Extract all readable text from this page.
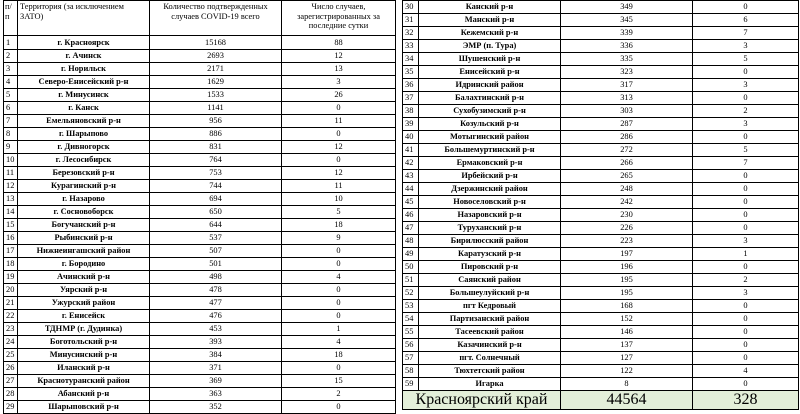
п/п	Территория (за исключением ЗАТО)	Количество подтвержденных случаев COVID-19 всего	Число случаев, зарегистрированных за последние сутки
1	г. Красноярск	15168	88
2	г. Ачинск	2693	12
3	г. Норильск	2171	13
4	Северо-Енисейский р-н	1629	3
5	г. Минусинск	1533	26
6	г. Канск	1141	0
7	Емельяновский р-н	956	11
8	г. Шарыпово	886	0
9	г. Дивногорск	831	12
10	г. Лесосибирск	764	0
11	Березовский р-н	753	12
12	Курагинский р-н	744	11
13	г. Назарово	694	10
14	г. Сосновоборск	650	5
15	Богучанский р-н	644	18
16	Рыбинский р-н	537	9
17	Нижнеингашский район	507	0
18	г. Бородино	501	0
19	Ачинский р-н	498	4
20	Уярский р-н	478	0
21	Ужурский район	477	0
22	г. Енисейск	476	0
23	ТДНМР (г. Дудинка)	453	1
24	Боготольский р-н	393	4
25	Минусинский р-н	384	18
26	Иланский р-н	371	0
27	Краснотуранский район	369	15
28	Абанский р-н	363	2
29	Шарыповский р-н	352	0
30	Канский р-н	349	0
31	Манский р-н	345	6
32	Кежемский р-н	339	7
33	ЭМР (п. Тура)	336	3
34	Шушенский р-н	335	5
35	Енисейский р-н	323	0
36	Идринский район	317	3
37	Балахтинский р-н	313	0
38	Сухобузимский р-н	303	2
39	Козульский р-н	287	3
40	Мотыгинский район	286	0
41	Большемуртинский р-н	272	5
42	Ермаковский р-н	266	7
43	Ирбейский р-н	265	0
44	Дзержинский район	248	0
45	Новоселовский р-н	242	0
46	Назаровский р-н	230	0
47	Туруханский р-н	226	0
48	Бирилюсский район	223	3
49	Каратузский р-н	197	1
50	Пировский р-н	196	0
51	Саянский район	195	2
52	Большеулуйский р-н	195	3
53	пгт Кедровый	168	0
54	Партизанский район	152	0
55	Тасеевский район	146	0
56	Казачинский р-н	137	0
57	пгт. Солнечный	127	0
58	Тюхтетский район	122	4
59	Игарка	8	0
Красноярский край		44564	328
